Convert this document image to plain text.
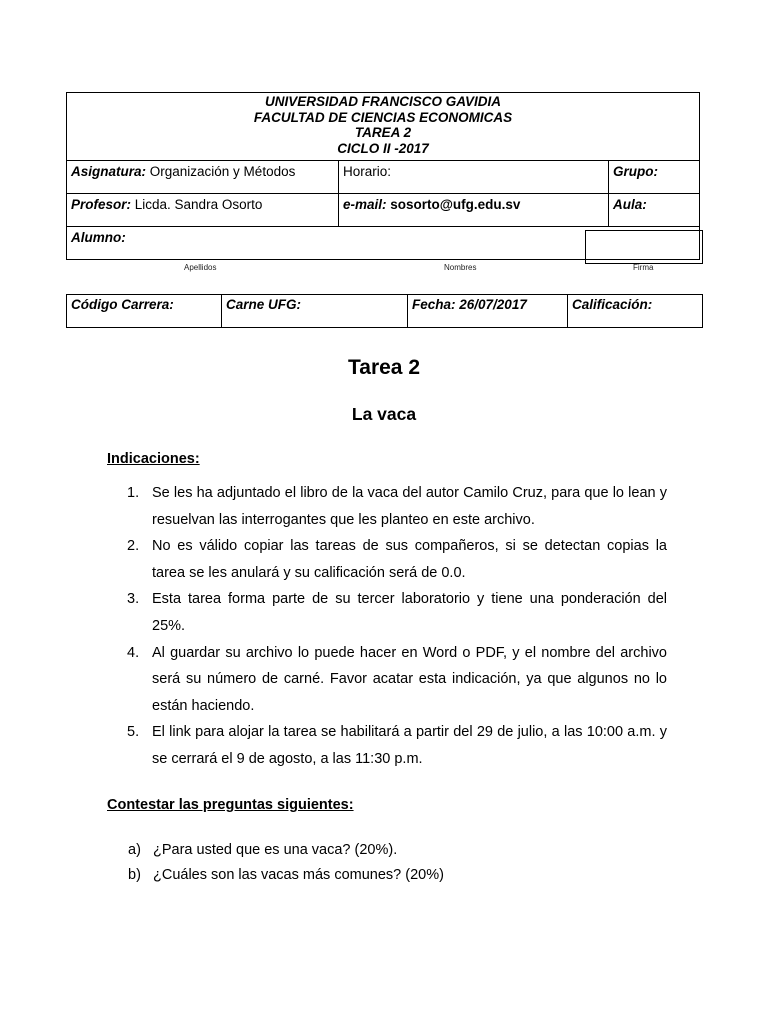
UNIVERSIDAD FRANCISCO GAVIDIA
FACULTAD DE CIENCIAS ECONOMICAS
TAREA 2
CICLO II -2017
Asignatura: Organización y Métodos	Horario:	Grupo:
Profesor: Licda. Sandra Osorto	e-mail: sosorto@ufg.edu.sv	Aula:
Alumno:
Apellidos	Nombres	Firma
Código Carrera:	Carne UFG:	Fecha: 26/07/2017	Calificación:
Tarea 2
La vaca
Indicaciones:
1. Se les ha adjuntado el libro de la vaca del autor Camilo Cruz, para que lo lean y resuelvan las interrogantes que les planteo en este archivo.
2. No es válido copiar las tareas de sus compañeros, si se detectan copias la tarea se les anulará y su calificación será de 0.0.
3. Esta tarea forma parte de su tercer laboratorio y tiene una ponderación del 25%.
4. Al guardar su archivo lo puede hacer en Word o PDF, y el nombre del archivo será su número de carné. Favor acatar esta indicación, ya que algunos no lo están haciendo.
5. El link para alojar la tarea se habilitará a partir del 29 de julio, a las 10:00 a.m. y se cerrará el 9 de agosto, a las 11:30 p.m.
Contestar las preguntas siguientes:
a) ¿Para usted que es una vaca? (20%).
b) ¿Cuáles son las vacas más comunes? (20%)
